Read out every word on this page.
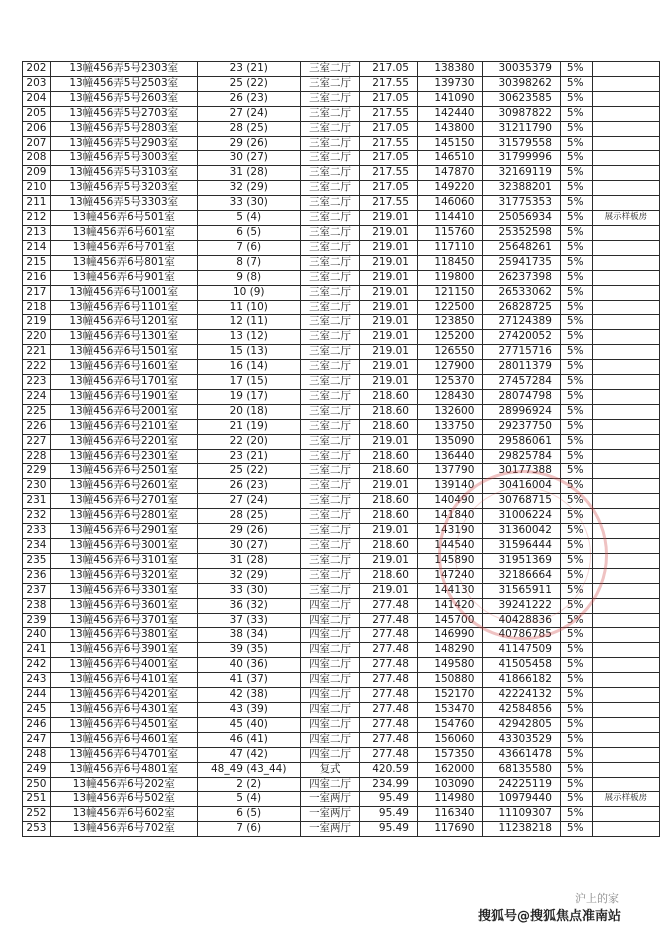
202	13幢456弄5号2303室	23 (21)	三室二厅	217.05	138380	30035379	5%	
203	13幢456弄5号2503室	25 (22)	三室二厅	217.55	139730	30398262	5%	
204	13幢456弄5号2603室	26 (23)	三室二厅	217.05	141090	30623585	5%	
205	13幢456弄5号2703室	27 (24)	三室二厅	217.55	142440	30987822	5%	
206	13幢456弄5号2803室	28 (25)	三室二厅	217.05	143800	31211790	5%	
207	13幢456弄5号2903室	29 (26)	三室二厅	217.55	145150	31579558	5%	
208	13幢456弄5号3003室	30 (27)	三室二厅	217.05	146510	31799996	5%	
209	13幢456弄5号3103室	31 (28)	三室二厅	217.55	147870	32169119	5%	
210	13幢456弄5号3203室	32 (29)	三室二厅	217.05	149220	32388201	5%	
211	13幢456弄5号3303室	33 (30)	三室二厅	217.55	146060	31775353	5%	
212	13幢456弄6号501室	5 (4)	三室二厅	219.01	114410	25056934	5%	展示样板房
213	13幢456弄6号601室	6 (5)	三室二厅	219.01	115760	25352598	5%	
214	13幢456弄6号701室	7 (6)	三室二厅	219.01	117110	25648261	5%	
215	13幢456弄6号801室	8 (7)	三室二厅	219.01	118450	25941735	5%	
216	13幢456弄6号901室	9 (8)	三室二厅	219.01	119800	26237398	5%	
217	13幢456弄6号1001室	10 (9)	三室二厅	219.01	121150	26533062	5%	
218	13幢456弄6号1101室	11 (10)	三室二厅	219.01	122500	26828725	5%	
219	13幢456弄6号1201室	12 (11)	三室二厅	219.01	123850	27124389	5%	
220	13幢456弄6号1301室	13 (12)	三室二厅	219.01	125200	27420052	5%	
221	13幢456弄6号1501室	15 (13)	三室二厅	219.01	126550	27715716	5%	
222	13幢456弄6号1601室	16 (14)	三室二厅	219.01	127900	28011379	5%	
223	13幢456弄6号1701室	17 (15)	三室二厅	219.01	125370	27457284	5%	
224	13幢456弄6号1901室	19 (17)	三室二厅	218.60	128430	28074798	5%	
225	13幢456弄6号2001室	20 (18)	三室二厅	218.60	132600	28996924	5%	
226	13幢456弄6号2101室	21 (19)	三室二厅	218.60	133750	29237750	5%	
227	13幢456弄6号2201室	22 (20)	三室二厅	219.01	135090	29586061	5%	
228	13幢456弄6号2301室	23 (21)	三室二厅	218.60	136440	29825784	5%	
229	13幢456弄6号2501室	25 (22)	三室二厅	218.60	137790	30177388	5%	
230	13幢456弄6号2601室	26 (23)	三室二厅	219.01	139140	30416004	5%	
231	13幢456弄6号2701室	27 (24)	三室二厅	218.60	140490	30768715	5%	
232	13幢456弄6号2801室	28 (25)	三室二厅	218.60	141840	31006224	5%	
233	13幢456弄6号2901室	29 (26)	三室二厅	219.01	143190	31360042	5%	
234	13幢456弄6号3001室	30 (27)	三室二厅	218.60	144540	31596444	5%	
235	13幢456弄6号3101室	31 (28)	三室二厅	219.01	145890	31951369	5%	
236	13幢456弄6号3201室	32 (29)	三室二厅	218.60	147240	32186664	5%	
237	13幢456弄6号3301室	33 (30)	三室二厅	219.01	144130	31565911	5%	
238	13幢456弄6号3601室	36 (32)	四室二厅	277.48	141420	39241222	5%	
239	13幢456弄6号3701室	37 (33)	四室二厅	277.48	145700	40428836	5%	
240	13幢456弄6号3801室	38 (34)	四室二厅	277.48	146990	40786785	5%	
241	13幢456弄6号3901室	39 (35)	四室二厅	277.48	148290	41147509	5%	
242	13幢456弄6号4001室	40 (36)	四室二厅	277.48	149580	41505458	5%	
243	13幢456弄6号4101室	41 (37)	四室二厅	277.48	150880	41866182	5%	
244	13幢456弄6号4201室	42 (38)	四室二厅	277.48	152170	42224132	5%	
245	13幢456弄6号4301室	43 (39)	四室二厅	277.48	153470	42584856	5%	
246	13幢456弄6号4501室	45 (40)	四室二厅	277.48	154760	42942805	5%	
247	13幢456弄6号4601室	46 (41)	四室二厅	277.48	156060	43303529	5%	
248	13幢456弄6号4701室	47 (42)	四室二厅	277.48	157350	43661478	5%	
249	13幢456弄6号4801室	48_49 (43_44)	复式	420.59	162000	68135580	5%	
250	13幢456弄6号202室	2 (2)	四室二厅	234.99	103090	24225119	5%	
251	13幢456弄6号502室	5 (4)	一室两厅	95.49	114980	10979440	5%	展示样板房
252	13幢456弄6号602室	6 (5)	一室两厅	95.49	116340	11109307	5%	
253	13幢456弄6号702室	7 (6)	一室两厅	95.49	117690	11238218	5%	
沪上的家
搜狐号@搜狐焦点准南站
